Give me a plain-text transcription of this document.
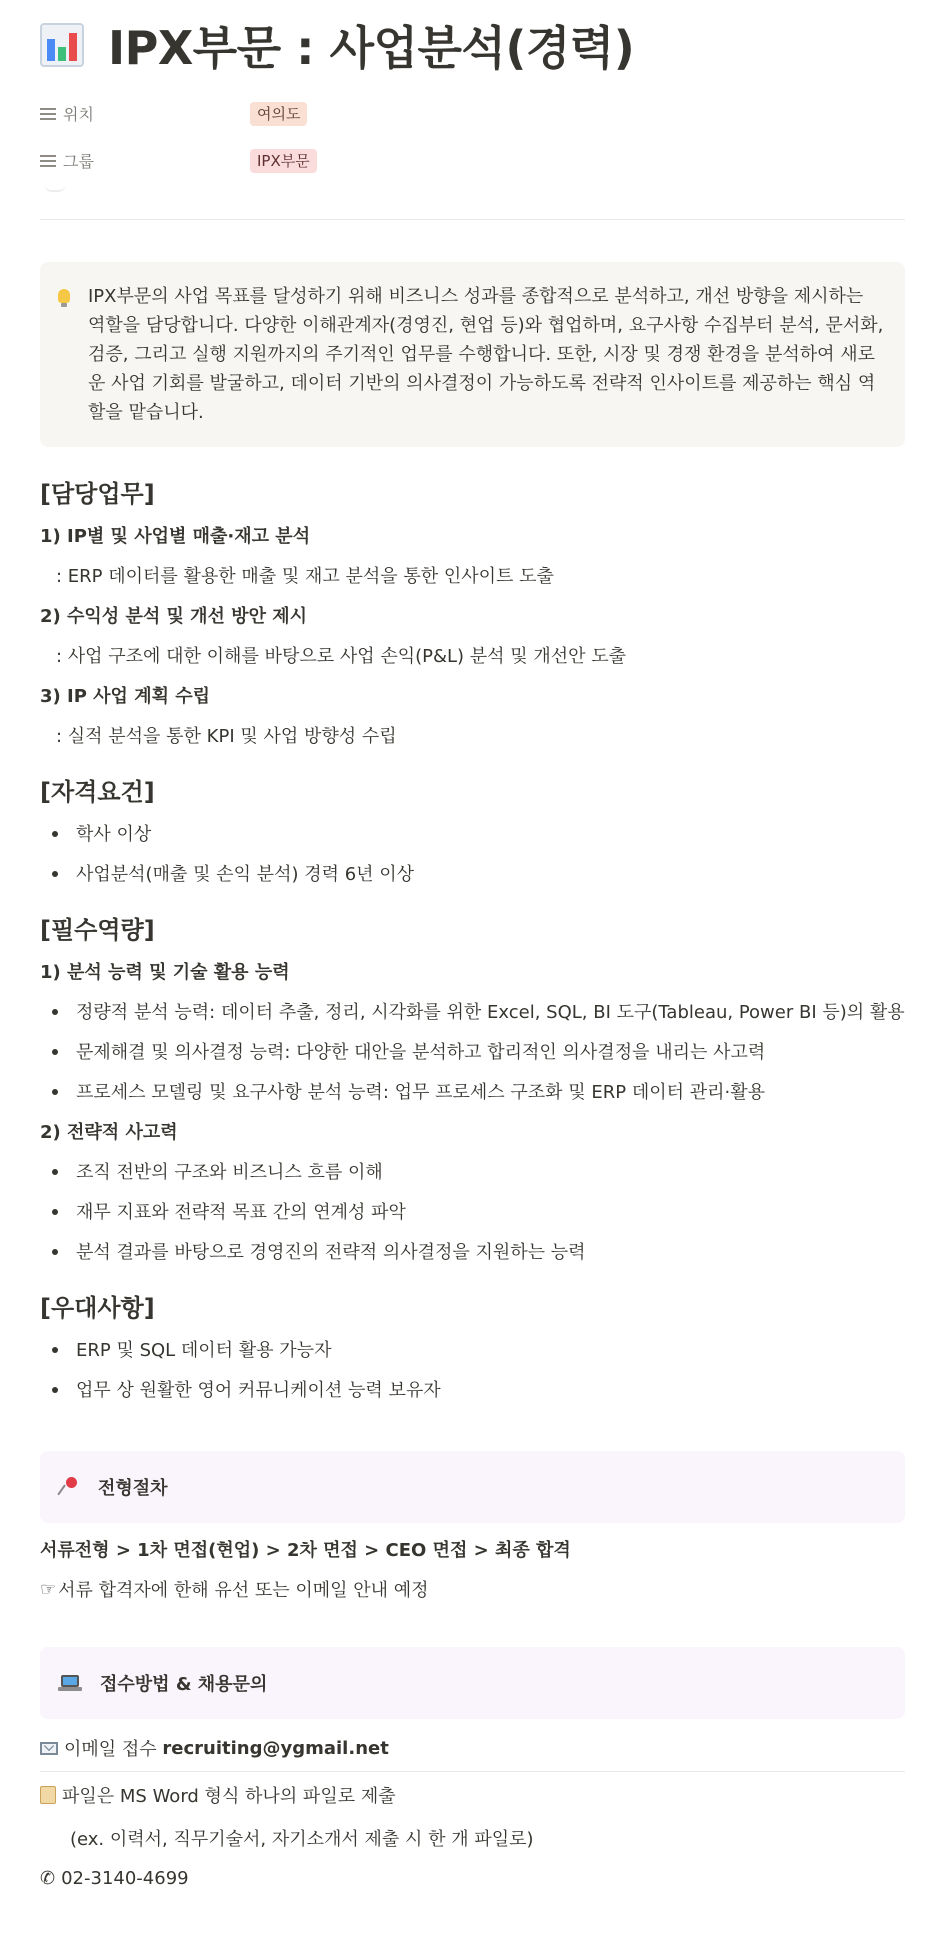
IPX부문 : 사업분석(경력)
위치	여의도
그룹	IPX부문
IPX부문의 사업 목표를 달성하기 위해 비즈니스 성과를 종합적으로 분석하고, 개선 방향을 제시하는 역할을 담당합니다. 다양한 이해관계자(경영진, 현업 등)와 협업하며, 요구사항 수집부터 분석, 문서화, 검증, 그리고 실행 지원까지의 주기적인 업무를 수행합니다. 또한, 시장 및 경쟁 환경을 분석하여 새로운 사업 기회를 발굴하고, 데이터 기반의 의사결정이 가능하도록 전략적 인사이트를 제공하는 핵심 역할을 맡습니다.
[담당업무]
1) IP별 및 사업별 매출·재고 분석
: ERP 데이터를 활용한 매출 및 재고 분석을 통한 인사이트 도출
2) 수익성 분석 및 개선 방안 제시
: 사업 구조에 대한 이해를 바탕으로 사업 손익(P&L) 분석 및 개선안 도출
3) IP 사업 계획 수립
: 실적 분석을 통한 KPI 및 사업 방향성 수립
[자격요건]
학사 이상
사업분석(매출 및 손익 분석) 경력 6년 이상
[필수역량]
1) 분석 능력 및 기술 활용 능력
정량적 분석 능력: 데이터 추출, 정리, 시각화를 위한 Excel, SQL, BI 도구(Tableau, Power BI 등)의 활용
문제해결 및 의사결정 능력: 다양한 대안을 분석하고 합리적인 의사결정을 내리는 사고력
프로세스 모델링 및 요구사항 분석 능력: 업무 프로세스 구조화 및 ERP 데이터 관리·활용
2) 전략적 사고력
조직 전반의 구조와 비즈니스 흐름 이해
재무 지표와 전략적 목표 간의 연계성 파악
분석 결과를 바탕으로 경영진의 전략적 의사결정을 지원하는 능력
[우대사항]
ERP 및 SQL 데이터 활용 가능자
업무 상 원활한 영어 커뮤니케이션 능력 보유자
전형절차
서류전형 > 1차 면접(현업) > 2차 면접 > CEO 면접 > 최종 합격
☞ 서류 합격자에 한해 유선 또는 이메일 안내 예정
접수방법 & 채용문의
이메일 접수
recruiting@ygmail.net
파일은 MS Word 형식 하나의 파일로 제출
(ex. 이력서, 직무기술서, 자기소개서 제출 시 한 개 파일로)
✆ 02-3140-4699
